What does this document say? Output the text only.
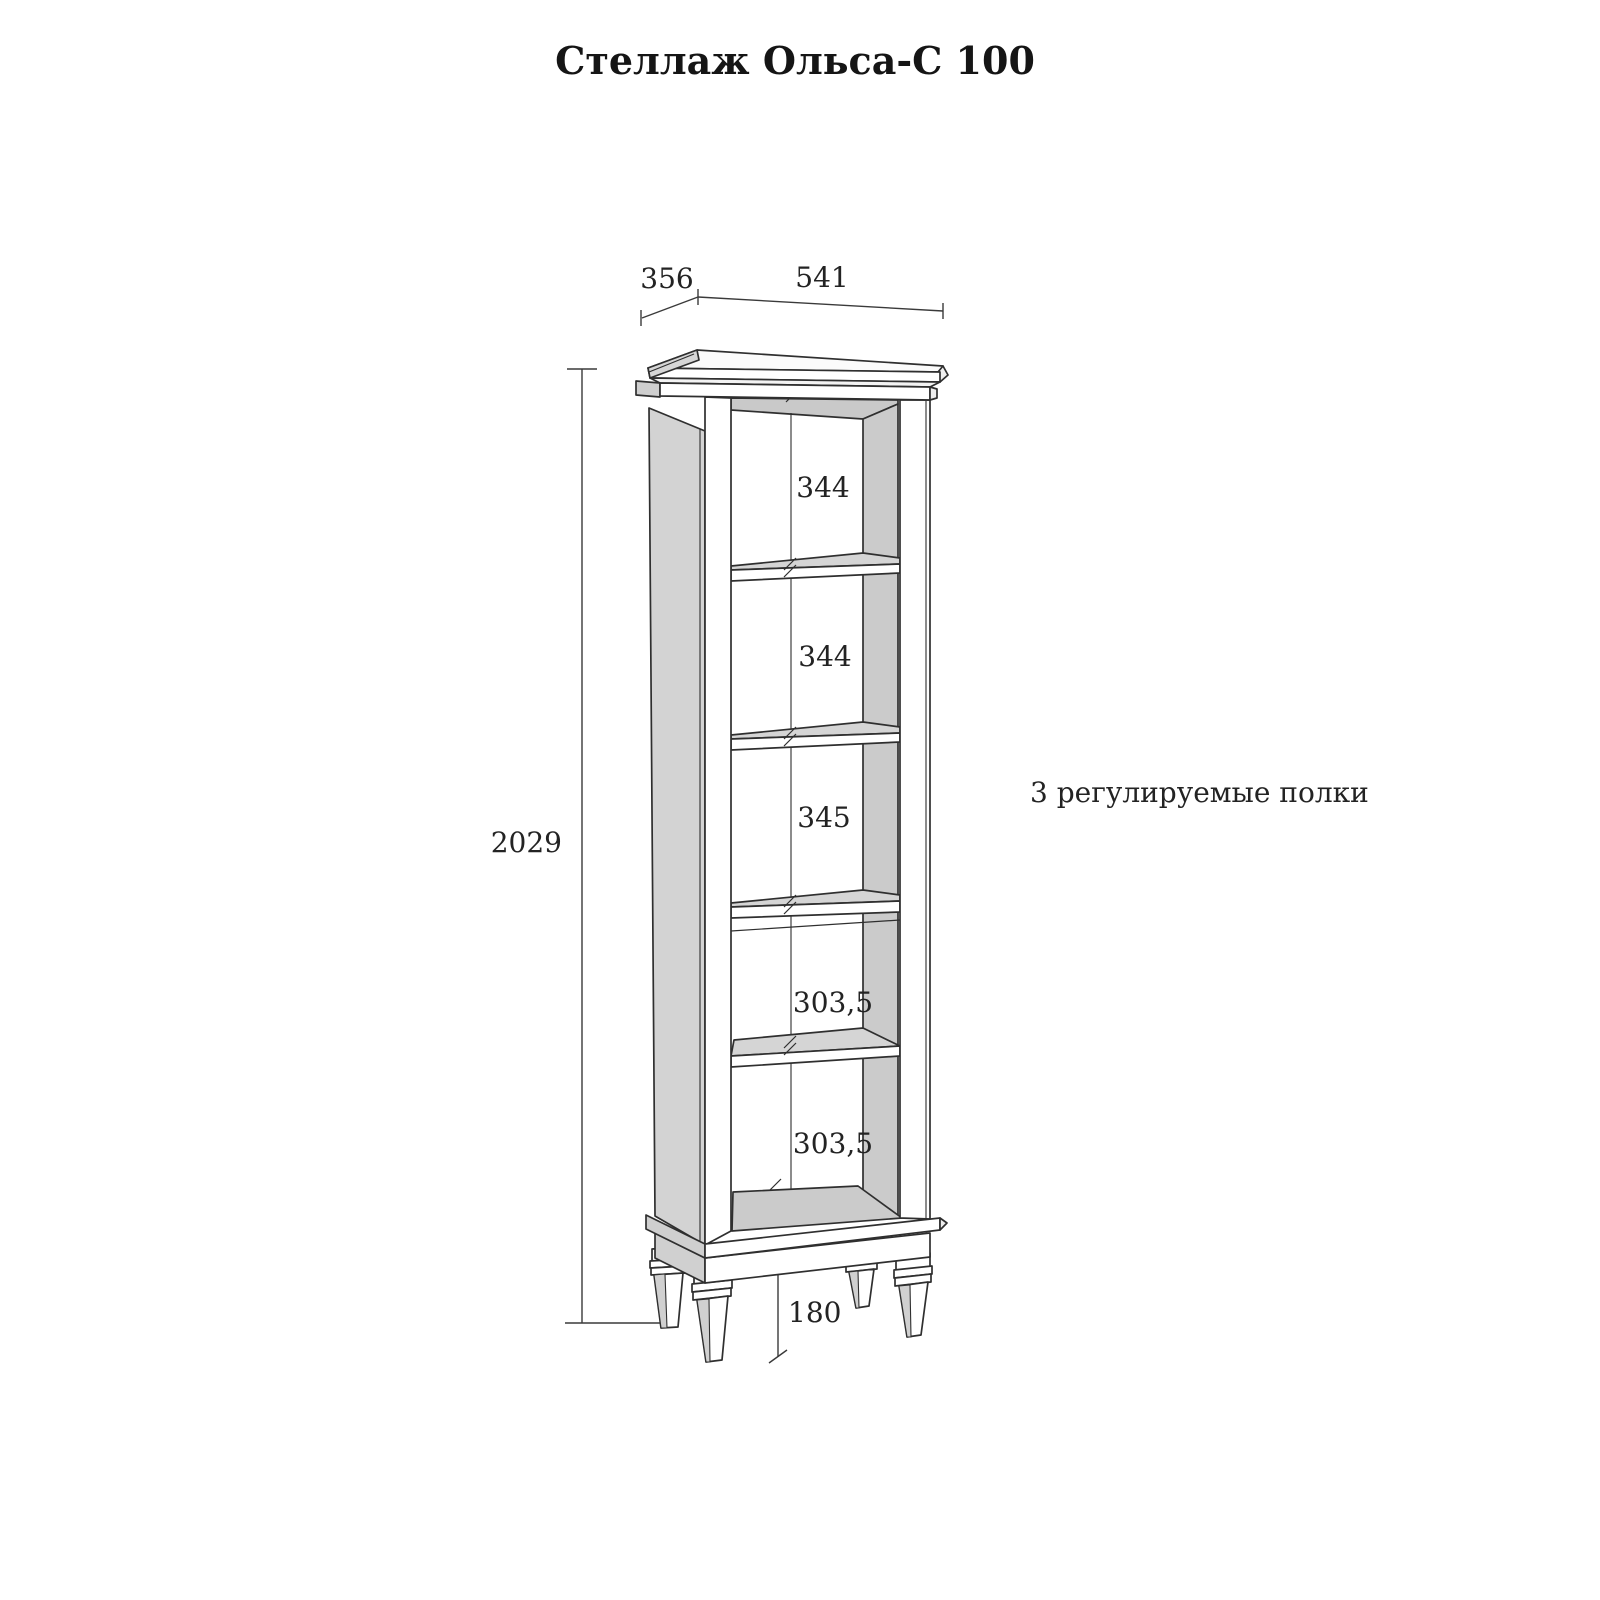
Стеллаж Ольса-С 100
356	541
2029
180
344
344
345
303,5
303,5
3 регулируемые полки
